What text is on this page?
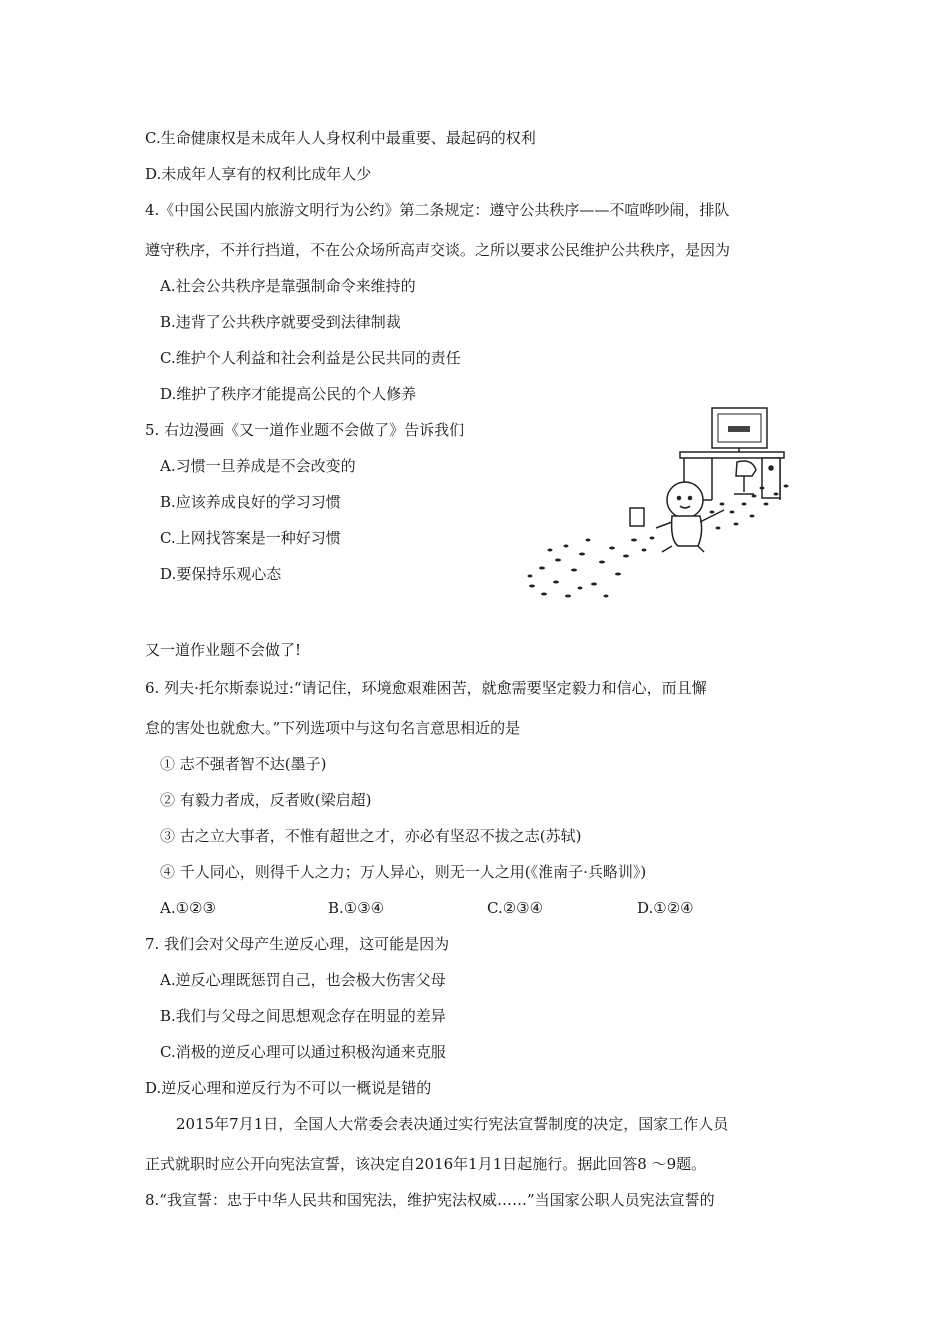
C.生命健康权是未成年人人身权利中最重要、最起码的权利
D.未成年人享有的权利比成年人少
4.《中国公民国内旅游文明行为公约》第二条规定：遵守公共秩序——不喧哗吵闹，排队
遵守秩序，不并行挡道，不在公众场所高声交谈。之所以要求公民维护公共秩序，是因为
A.社会公共秩序是靠强制命令来维持的
B.违背了公共秩序就要受到法律制裁
C.维护个人利益和社会利益是公民共同的责任
D.维护了秩序才能提高公民的个人修养
5. 右边漫画《又一道作业题不会做了》告诉我们
A.习惯一旦养成是不会改变的
B.应该养成良好的学习习惯
C.上网找答案是一种好习惯
D.要保持乐观心态
又一道作业题不会做了!
6. 列夫·托尔斯泰说过:“请记住，环境愈艰难困苦，就愈需要坚定毅力和信心，而且懈
怠的害处也就愈大。”下列选项中与这句名言意思相近的是
① 志不强者智不达(墨子)
② 有毅力者成，反者败(梁启超)
③ 古之立大事者，不惟有超世之才，亦必有坚忍不拔之志(苏轼)
④ 千人同心，则得千人之力；万人异心，则无一人之用(《淮南子·兵略训》)
A.①②③	B.①③④	C.②③④	D.①②④
7. 我们会对父母产生逆反心理，这可能是因为
A.逆反心理既惩罚自己，也会极大伤害父母
B.我们与父母之间思想观念存在明显的差异
C.消极的逆反心理可以通过积极沟通来克服
D.逆反心理和逆反行为不可以一概说是错的
2015年7月1日，全国人大常委会表决通过实行宪法宣誓制度的决定，国家工作人员
正式就职时应公开向宪法宣誓，该决定自2016年1月1日起施行。据此回答8 ～9题。
8.“我宣誓：忠于中华人民共和国宪法，维护宪法权威……”当国家公职人员宪法宣誓的
